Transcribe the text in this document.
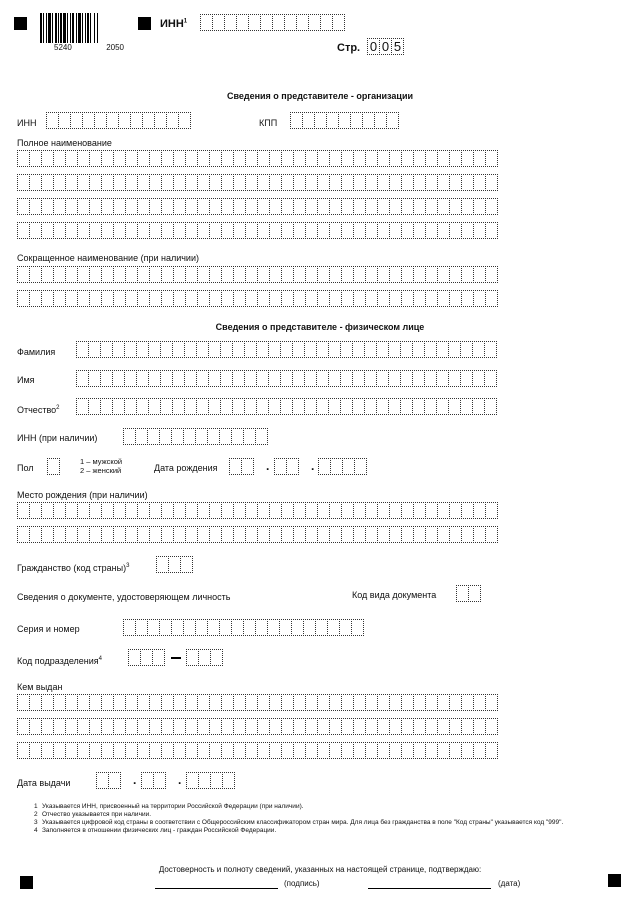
5240	2050
ИНН$^1$
Стр. 0 0 5
Сведения о представителе - организации
ИНН	КПП
Полное наименование
Сокращенное наименование (при наличии)
Сведения о представителе - физическом лице
Фамилия
Имя
Отчество$^2$
ИНН (при наличии)
Пол
1 – мужской
2 – женский	Дата рождения	.	.
Место рождения (при наличии)
Гражданство (код страны)$^3$
Сведения о документе, удостоверяющем личность	Код вида документа
Серия и номер
Код подразделения$^4$
Кем выдан
Дата выдачи	.	.
1 Указывается ИНН, присвоенный на территории Российской Федерации (при наличии).
2 Отчество указывается при наличии.
3 Указывается цифровой код страны в соответствии с Общероссийским классификатором стран мира. Для лица без гражданства в поле "Код страны" указывается код "999".
4 Заполняется в отношении физических лиц - граждан Российской Федерации.
Достоверность и полноту сведений, указанных на настоящей странице, подтверждаю:
(подпись)	(дата)
